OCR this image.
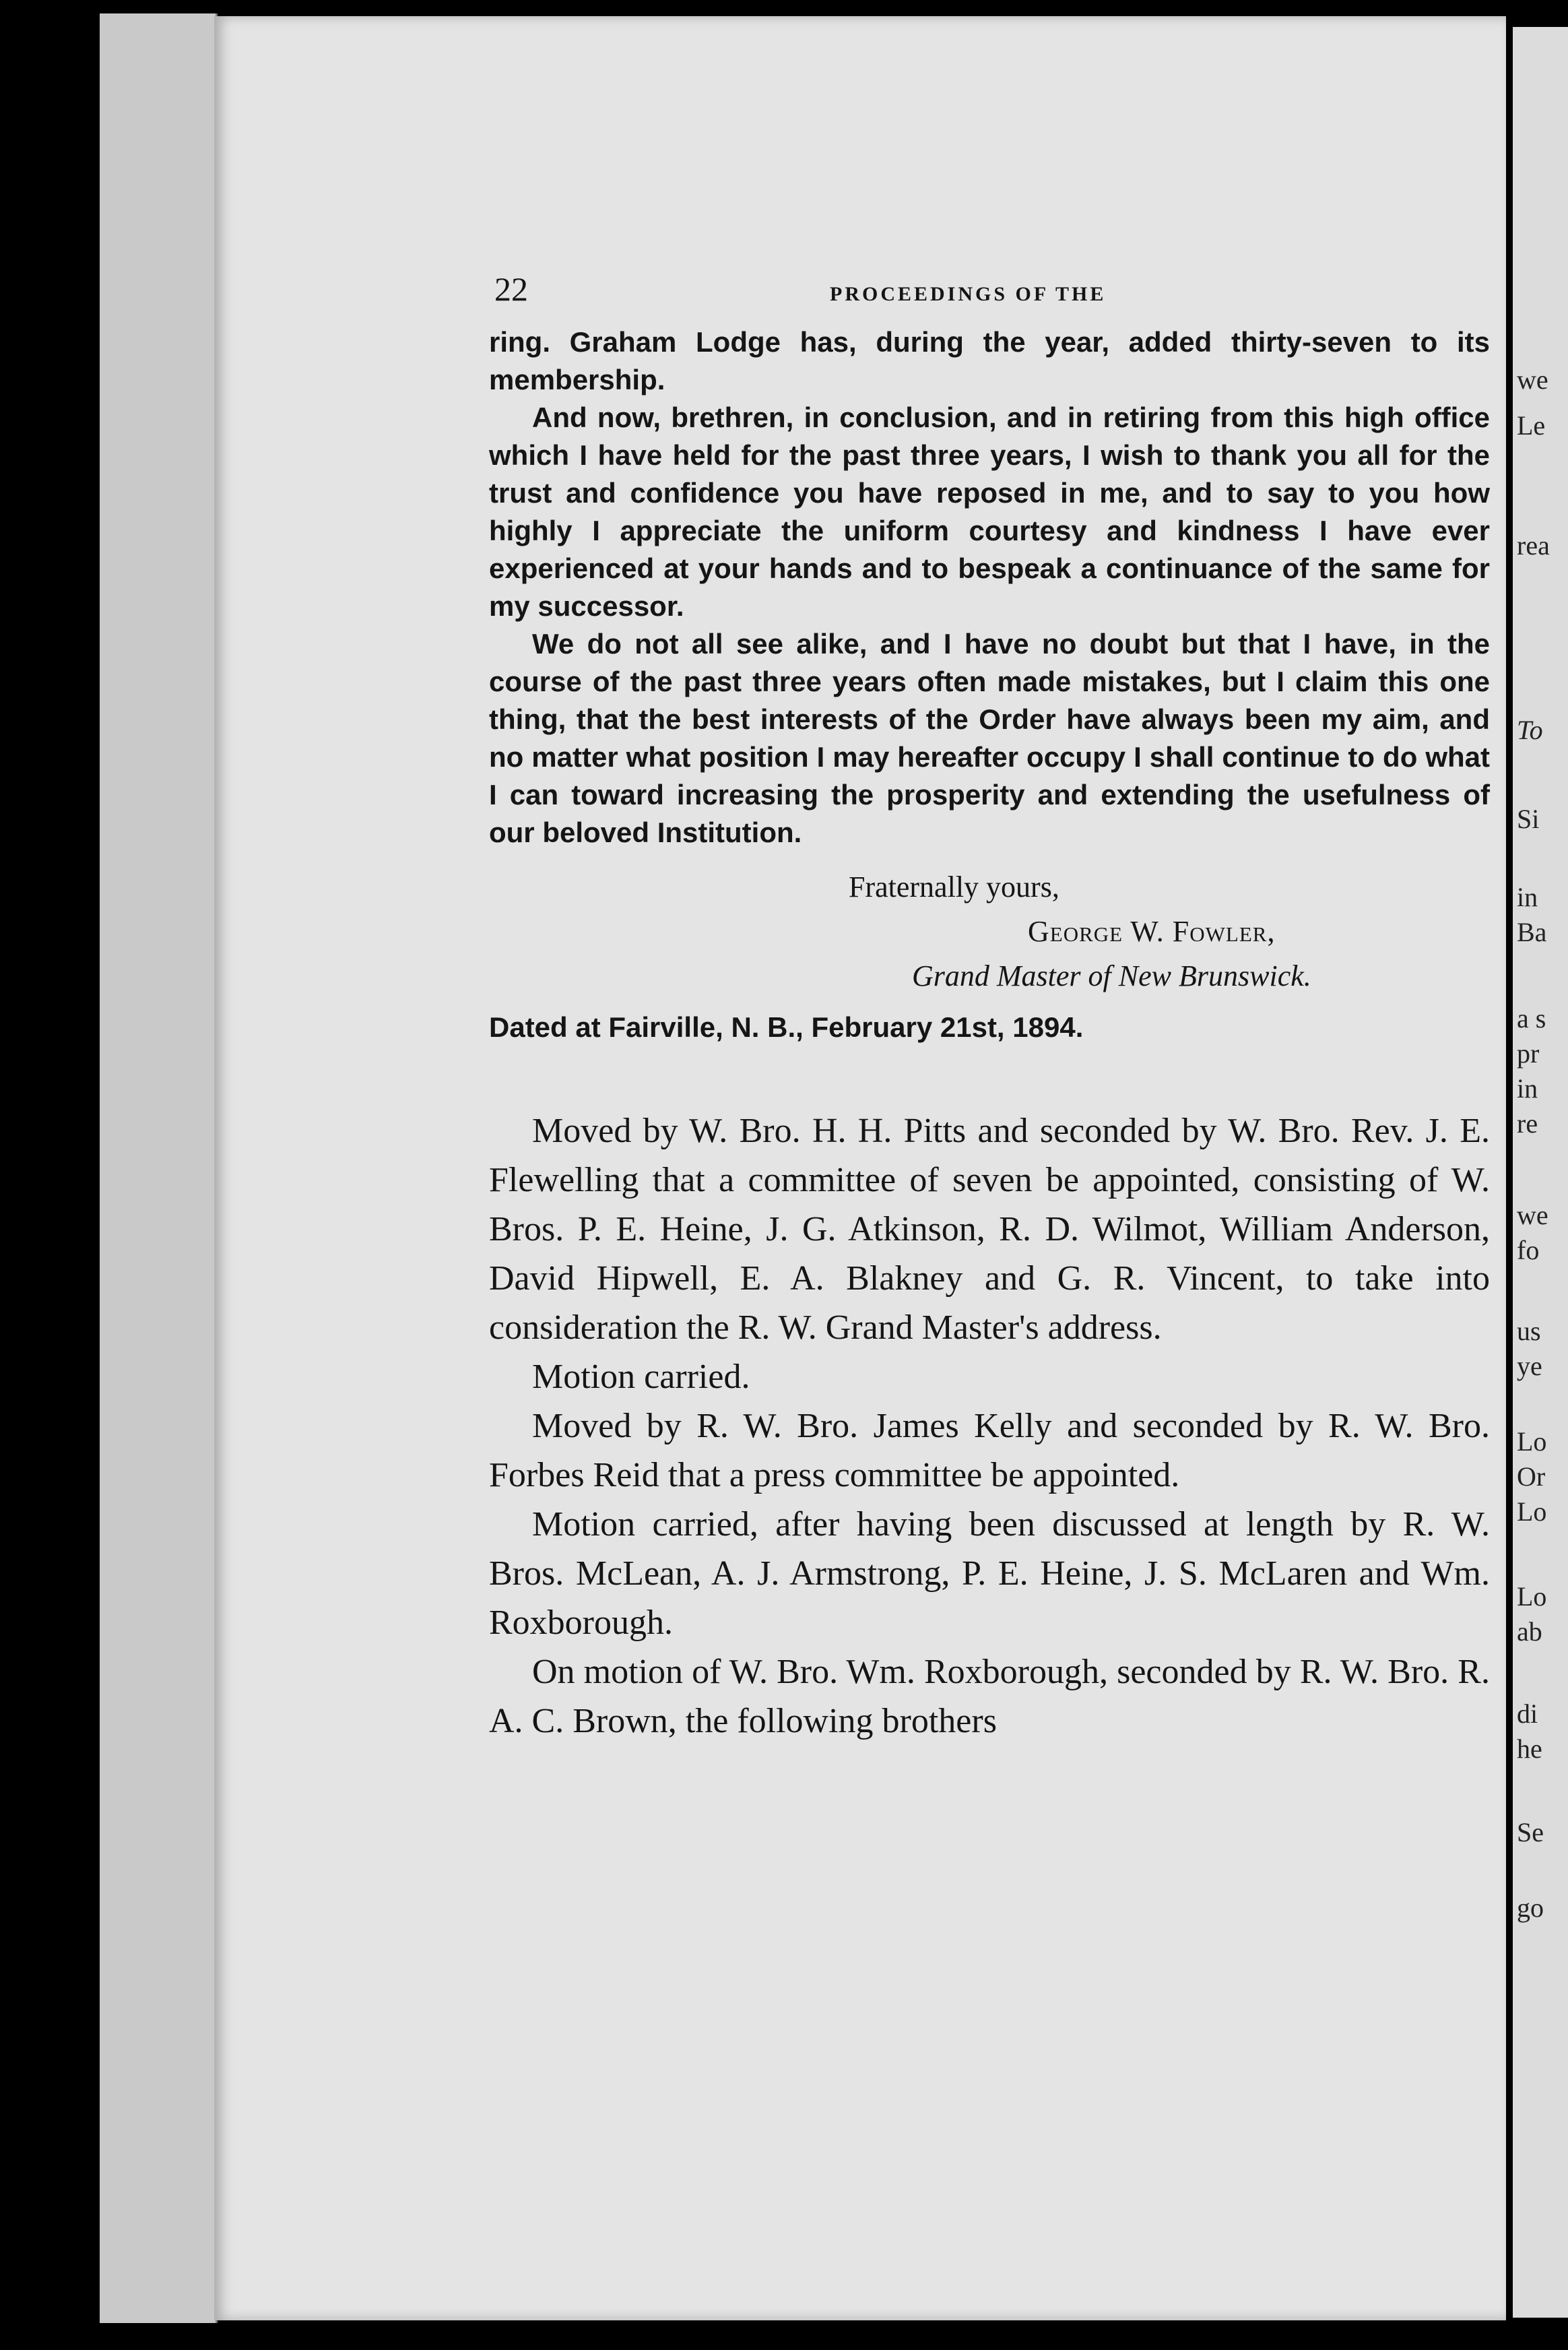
we
Le
rea
To
Si
in
Ba
a s
pr
in
re
we
fo
us
ye
Lo
Or
Lo
Lo
ab
di
he
Se
go
22	PROCEEDINGS OF THE

ring. Graham Lodge has, during the year, added thirty-seven to its membership.

And now, brethren, in conclusion, and in retiring from this high office which I have held for the past three years, I wish to thank you all for the trust and confidence you have reposed in me, and to say to you how highly I appreciate the uniform courtesy and kindness I have ever experienced at your hands and to bespeak a continuance of the same for my successor.

We do not all see alike, and I have no doubt but that I have, in the course of the past three years often made mistakes, but I claim this one thing, that the best interests of the Order have always been my aim, and no matter what position I may hereafter occupy I shall continue to do what I can toward increasing the prosperity and extending the usefulness of our beloved Institution.

Fraternally yours,
George W. Fowler,
Grand Master of New Brunswick.
Dated at Fairville, N. B., February 21st, 1894.

Moved by W. Bro. H. H. Pitts and seconded by W. Bro. Rev. J. E. Flewelling that a committee of seven be appointed, consisting of W. Bros. P. E. Heine, J. G. Atkinson, R. D. Wilmot, William Anderson, David Hipwell, E. A. Blakney and G. R. Vincent, to take into consideration the R. W. Grand Master's address.

Motion carried.

Moved by R. W. Bro. James Kelly and seconded by R. W. Bro. Forbes Reid that a press committee be appointed.

Motion carried, after having been discussed at length by R. W. Bros. McLean, A. J. Armstrong, P. E. Heine, J. S. McLaren and Wm. Roxborough.

On motion of W. Bro. Wm. Roxborough, seconded by R. W. Bro. R. A. C. Brown, the following brothers
